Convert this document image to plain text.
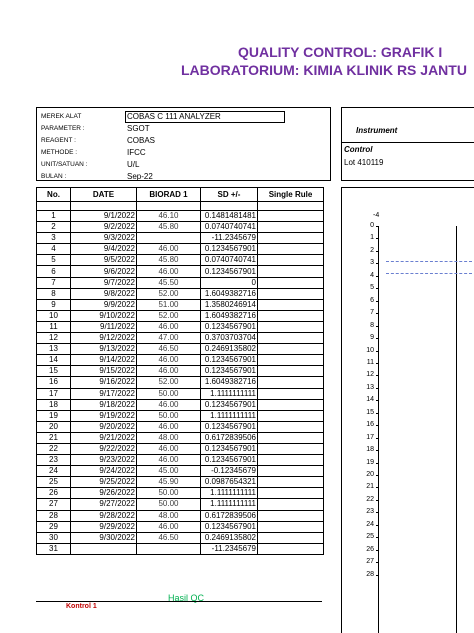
QUALITY CONTROL: GRAFIK I
LABORATORIUM: KIMIA KLINIK RS JANTU
MEREK ALAT	COBAS C 111 ANALYZER
PARAMETER :	SGOT
REAGENT :	COBAS
METHODE :	IFCC
UNIT/SATUAN :	U/L
BULAN :	Sep-22
Instrument
Control
Lot 410119
No.	DATE	BIORAD 1	SD +/-	Single Rule

1	9/1/2022	46.10	0.1481481481	
2	9/2/2022	45.80	0.0740740741	
3	9/3/2022		-11.2345679	
4	9/4/2022	46.00	0.1234567901	
5	9/5/2022	45.80	0.0740740741	
6	9/6/2022	46.00	0.1234567901	
7	9/7/2022	45.50	0	
8	9/8/2022	52.00	1.6049382716	
9	9/9/2022	51.00	1.3580246914	
10	9/10/2022	52.00	1.6049382716	
11	9/11/2022	46.00	0.1234567901	
12	9/12/2022	47.00	0.3703703704	
13	9/13/2022	46.50	0.2469135802	
14	9/14/2022	46.00	0.1234567901	
15	9/15/2022	46.00	0.1234567901	
16	9/16/2022	52.00	1.6049382716	
17	9/17/2022	50.00	1.1111111111	
18	9/18/2022	46.00	0.1234567901	
19	9/19/2022	50.00	1.1111111111	
20	9/20/2022	46.00	0.1234567901	
21	9/21/2022	48.00	0.6172839506	
22	9/22/2022	46.00	0.1234567901	
23	9/23/2022	46.00	0.1234567901	
24	9/24/2022	45.00	-0.12345679	
25	9/25/2022	45.90	0.0987654321	
26	9/26/2022	50.00	1.1111111111	
27	9/27/2022	50.00	1.1111111111	
28	9/28/2022	48.00	0.6172839506	
29	9/29/2022	46.00	0.1234567901	
30	9/30/2022	46.50	0.2469135802	
31			-11.2345679	
Hasil QC
Kontrol 1
-4
0
1
2
3
4
5
6
7
8
9
10
11
12
13
14
15
16
17
18
19
20
21
22
23
24
25
26
27
28
